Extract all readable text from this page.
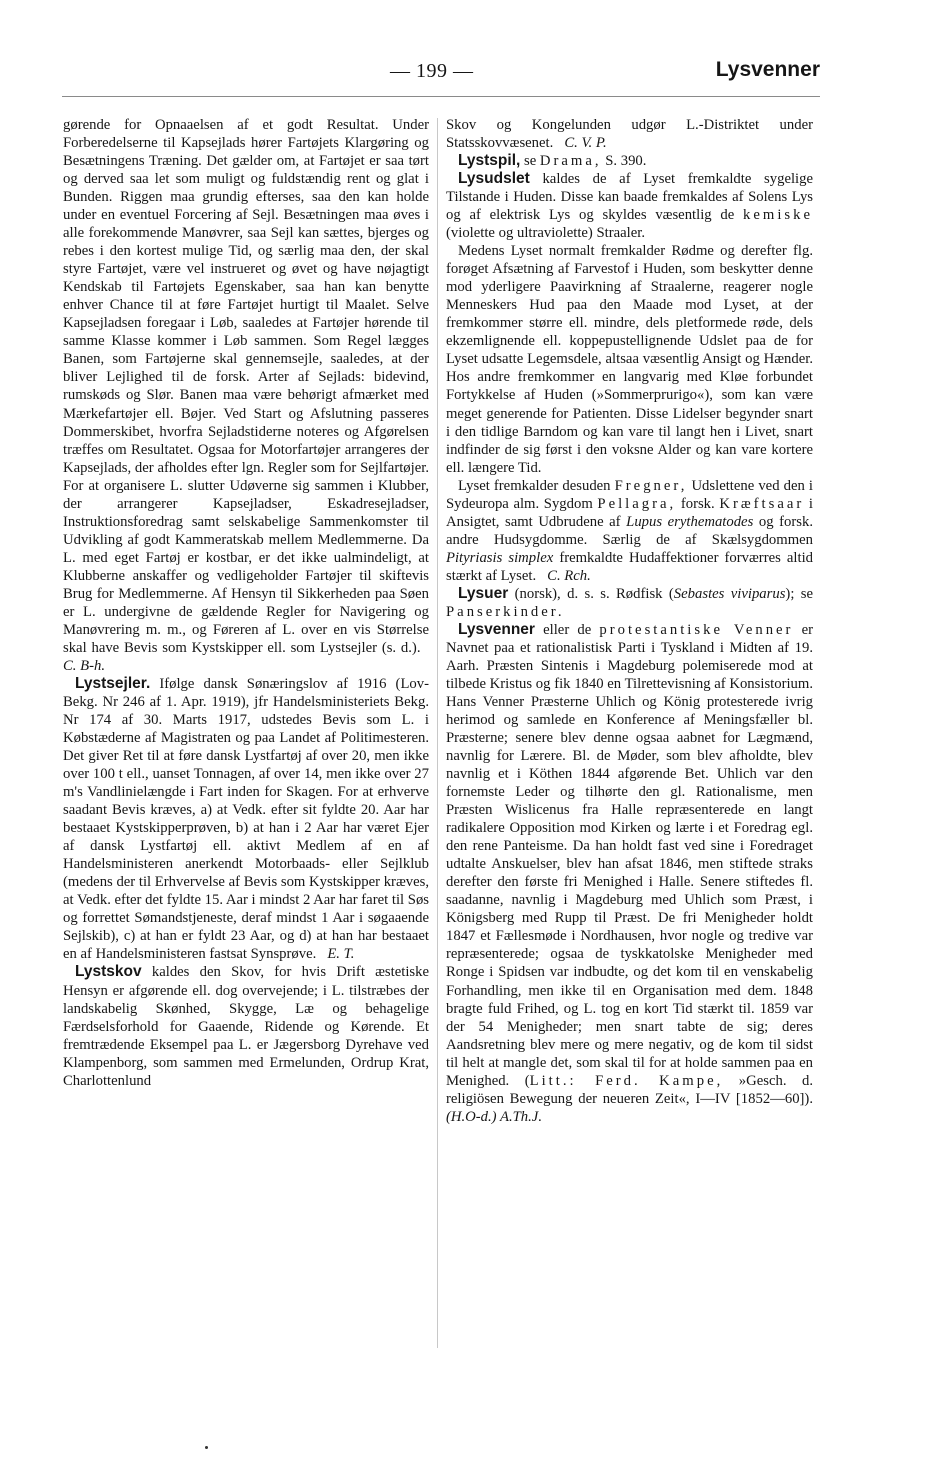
— 199 —	Lysvenner

gørende for Opnaaelsen af et godt Resultat. Under Forberedelserne til Kapsejlads hører Fartøjets Klargøring og Besætningens Træning. Det gælder om, at Fartøjet er saa tørt og derved saa let som muligt og fuldstændig rent og glat i Bunden. Riggen maa grundig efterses, saa den kan holde under en eventuel Forcering af Sejl. Besætningen maa øves i alle forekommende Manøvrer, saa Sejl kan sættes, bjerges og rebes i den kortest mulige Tid, og særlig maa den, der skal styre Fartøjet, være vel instrueret og øvet og have nøjagtigt Kendskab til Fartøjets Egenskaber, saa han kan benytte enhver Chance til at føre Fartøjet hurtigt til Maalet. Selve Kapsejladsen foregaar i Løb, saaledes at Fartøjer hørende til samme Klasse kommer i Løb sammen. Som Regel lægges Banen, som Fartøjerne skal gennemsejle, saaledes, at der bliver Lejlighed til de forsk. Arter af Sejlads: bidevind, rumskøds og Slør. Banen maa være behørigt afmærket med Mærkefartøjer ell. Bøjer. Ved Start og Afslutning passeres Dommerskibet, hvorfra Sejladstiderne noteres og Afgørelsen træffes om Resultatet. Ogsaa for Motorfartøjer arrangeres der Kapsejlads, der afholdes efter lgn. Regler som for Sejlfartøjer. For at organisere L. slutter Udøverne sig sammen i Klubber, der arrangerer Kapsejladser, Eskadresejladser, Instruktionsforedrag samt selskabelige Sammenkomster til Udvikling af godt Kammeratskab mellem Medlemmerne. Da L. med eget Fartøj er kostbar, er det ikke ualmindeligt, at Klubberne anskaffer og vedligeholder Fartøjer til skiftevis Brug for Medlemmerne. Af Hensyn til Sikkerheden paa Søen er L. undergivne de gældende Regler for Navigering og Manøvrering m. m., og Føreren af L. over en vis Størrelse skal have Bevis som Kystskipper ell. som Lystsejler (s. d.).   C. B-h.

Lystsejler. Ifølge dansk Sønæringslov af 1916 (Lov-Bekg. Nr 246 af 1. Apr. 1919), jfr Handelsministeriets Bekg. Nr 174 af 30. Marts 1917, udstedes Bevis som L. i Købstæderne af Magistraten og paa Landet af Politimesteren. Det giver Ret til at føre dansk Lystfartøj af over 20, men ikke over 100 t ell., uanset Tonnagen, af over 14, men ikke over 27 m's Vandlinielængde i Fart inden for Skagen. For at erhverve saadant Bevis kræves, a) at Vedk. efter sit fyldte 20. Aar har bestaaet Kystskipperprøven, b) at han i 2 Aar har været Ejer af dansk Lystfartøj ell. aktivt Medlem af en af Handelsministeren anerkendt Motorbaads- eller Sejlklub (medens der til Erhvervelse af Bevis som Kystskipper kræves, at Vedk. efter det fyldte 15. Aar i mindst 2 Aar har faret til Søs og forrettet Sømandstjeneste, deraf mindst 1 Aar i søgaaende Sejlskib), c) at han er fyldt 23 Aar, og d) at han har bestaaet en af Handelsministeren fastsat Synsprøve. E. T.

Lystskov kaldes den Skov, for hvis Drift æstetiske Hensyn er afgørende ell. dog overvejende; i L. tilstræbes der landskabelig Skønhed, Skygge, Læ og behagelige Færdselsforhold for Gaaende, Ridende og Kørende. Et fremtrædende Eksempel paa L. er Jægersborg Dyrehave ved Klampenborg, som sammen med Ermelunden, Ordrup Krat, Charlottenlund

Skov og Kongelunden udgør L.-Distriktet under Statsskovvæsenet. C. V. P.

Lystspil, se Drama, S. 390.

Lysudslet kaldes de af Lyset fremkaldte sygelige Tilstande i Huden. Disse kan baade fremkaldes af Solens Lys og af elektrisk Lys og skyldes væsentlig de kemiske (violette og ultraviolette) Straaler.

Medens Lyset normalt fremkalder Rødme og derefter flg. forøget Afsætning af Farvestof i Huden, som beskytter denne mod yderligere Paavirkning af Straalerne, reagerer nogle Menneskers Hud paa den Maade mod Lyset, at der fremkommer større ell. mindre, dels pletformede røde, dels ekzemlignende ell. koppepustellignende Udslet paa de for Lyset udsatte Legemsdele, altsaa væsentlig Ansigt og Hænder. Hos andre fremkommer en langvarig med Kløe forbundet Fortykkelse af Huden (»Sommerprurigo«), som kan være meget generende for Patienten. Disse Lidelser begynder snart i den tidlige Barndom og kan vare til langt hen i Livet, snart indfinder de sig først i den voksne Alder og kan vare kortere ell. længere Tid.

Lyset fremkalder desuden Fregner, Udslettene ved den i Sydeuropa alm. Sygdom Pellagra, forsk. Kræftsaar i Ansigtet, samt Udbrudene af Lupus erythematodes og forsk. andre Hudsygdomme. Særlig de af Skælsygdommen Pityriasis simplex fremkaldte Hudaffektioner forværres altid stærkt af Lyset. C. Rch.

Lysuer (norsk), d. s. s. Rødfisk (Sebastes viviparus); se Panserkinder.

Lysvenner eller de protestantiske Venner er Navnet paa et rationalistisk Parti i Tyskland i Midten af 19. Aarh. Præsten Sintenis i Magdeburg polemiserede mod at tilbede Kristus og fik 1840 en Tilrettevisning af Konsistorium. Hans Venner Præsterne Uhlich og König protesterede ivrig herimod og samlede en Konference af Meningsfæller bl. Præsterne; senere blev denne ogsaa aabnet for Lægmænd, navnlig for Lærere. Bl. de Møder, som blev afholdte, blev navnlig et i Köthen 1844 afgørende Bet. Uhlich var den fornemste Leder og tilhørte den gl. Rationalisme, men Præsten Wislicenus fra Halle repræsenterede en langt radikalere Opposition mod Kirken og lærte i et Foredrag egl. den rene Panteisme. Da han holdt fast ved sine i Foredraget udtalte Anskuelser, blev han afsat 1846, men stiftede straks derefter den første fri Menighed i Halle. Senere stiftedes fl. saadanne, navnlig i Magdeburg med Uhlich som Præst, i Königsberg med Rupp til Præst. De fri Menigheder holdt 1847 et Fællesmøde i Nordhausen, hvor nogle og tredive var repræsenterede; ogsaa de tyskkatolske Menigheder med Ronge i Spidsen var indbudte, og det kom til en venskabelig Forhandling, men ikke til en Organisation med dem. 1848 bragte fuld Frihed, og L. tog en kort Tid stærkt til. 1859 var der 54 Menigheder; men snart tabte de sig; deres Aandsretning blev mere og mere negativ, og de kom til sidst til helt at mangle det, som skal til for at holde sammen paa en Menighed. (Litt.: Ferd. Kampe, »Gesch. d. religiösen Bewegung der neueren Zeit«, I—IV [1852—60]). (H.O-d.) A.Th.J.
